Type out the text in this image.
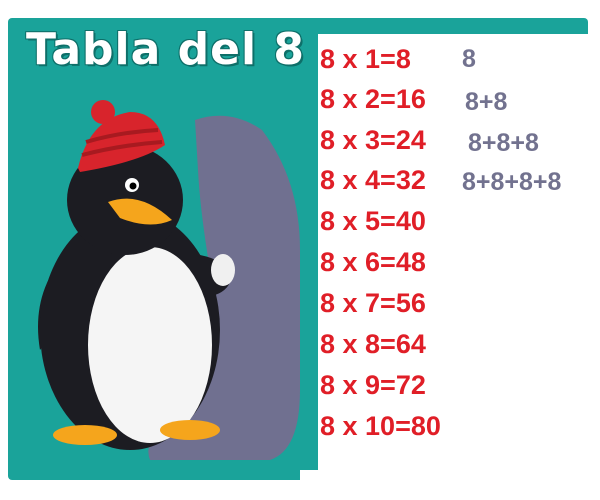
Tabla del 8 8 x 1=8

8 x 2=16

8 x 3=24

8 x 4=32

8 x 5=40

8 x 6=48

8 x 7=56

8 x 8=64

8 x 9=72

8 x 10=80

8

8+8

8+8+8

8+8+8+8
